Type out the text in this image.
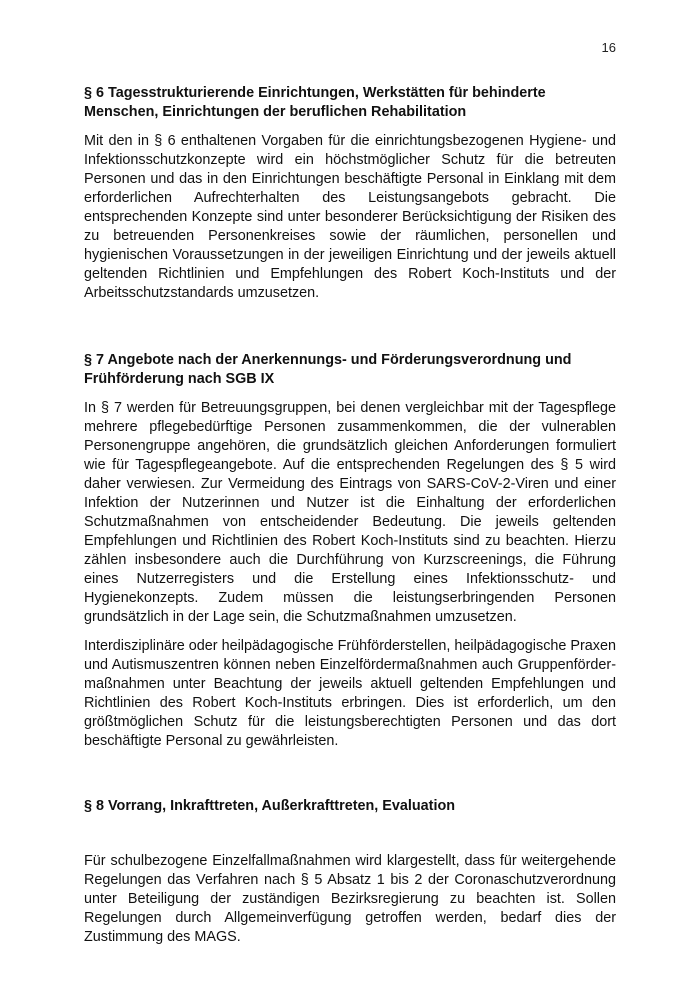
16
§ 6 Tagesstrukturierende Einrichtungen, Werkstätten für behinderte Menschen, Einrichtungen der beruflichen Rehabilitation

Mit den in § 6 enthaltenen Vorgaben für die einrichtungsbezogenen Hygiene- und Infektionsschutzkonzepte wird ein höchstmöglicher Schutz für die betreuten Personen und das in den Einrichtungen beschäftigte Personal in Einklang mit dem erforderlichen Aufrechterhalten des Leistungsangebots gebracht. Die entsprechenden Konzepte sind unter besonderer Berücksichtigung der Risiken des zu betreuenden Personenkreises sowie der räumlichen, personellen und hygienischen Voraussetzungen in der jeweiligen Einrichtung und der jeweils aktuell geltenden Richtlinien und Empfehlungen des Robert Koch-Instituts und der Arbeitsschutzstandards umzusetzen.

§ 7 Angebote nach der Anerkennungs- und Förderungsverordnung und Frühförderung nach SGB IX

In § 7 werden für Betreuungsgruppen, bei denen vergleichbar mit der Tagespflege mehrere pflegebedürftige Personen zusammenkommen, die der vulnerablen Personengruppe angehören, die grundsätzlich gleichen Anforderungen formuliert wie für Tagespflegeangebote. Auf die entsprechenden Regelungen des § 5 wird daher verwiesen. Zur Vermeidung des Eintrags von SARS-CoV-2-Viren und einer Infektion der Nutzerinnen und Nutzer ist die Einhaltung der erforderlichen Schutzmaßnahmen von entscheidender Bedeutung. Die jeweils geltenden Empfehlungen und Richtlinien des Robert Koch-Instituts sind zu beachten. Hierzu zählen insbesondere auch die Durchführung von Kurzscreenings, die Führung eines Nutzerregisters und die Erstellung eines Infektionsschutz- und Hygienekonzepts. Zudem müssen die leistungserbringenden Personen grundsätzlich in der Lage sein, die Schutzmaßnahmen umzusetzen.

Interdisziplinäre oder heilpädagogische Frühförderstellen, heilpädagogische Praxen und Autismuszentren können neben Einzelfördermaßnahmen auch Gruppenfördermaßnahmen unter Beachtung der jeweils aktuell geltenden Empfehlungen und Richtlinien des Robert Koch-Instituts erbringen. Dies ist erforderlich, um den größtmöglichen Schutz für die leistungsberechtigten Personen und das dort beschäftigte Personal zu gewährleisten.

§ 8 Vorrang, Inkrafttreten, Außerkrafttreten, Evaluation

Für schulbezogene Einzelfallmaßnahmen wird klargestellt, dass für weitergehende Regelungen das Verfahren nach § 5 Absatz 1 bis 2 der Coronaschutzverordnung unter Beteiligung der zuständigen Bezirksregierung zu beachten ist. Sollen Regelungen durch Allgemeinverfügung getroffen werden, bedarf dies der Zustimmung des MAGS.
